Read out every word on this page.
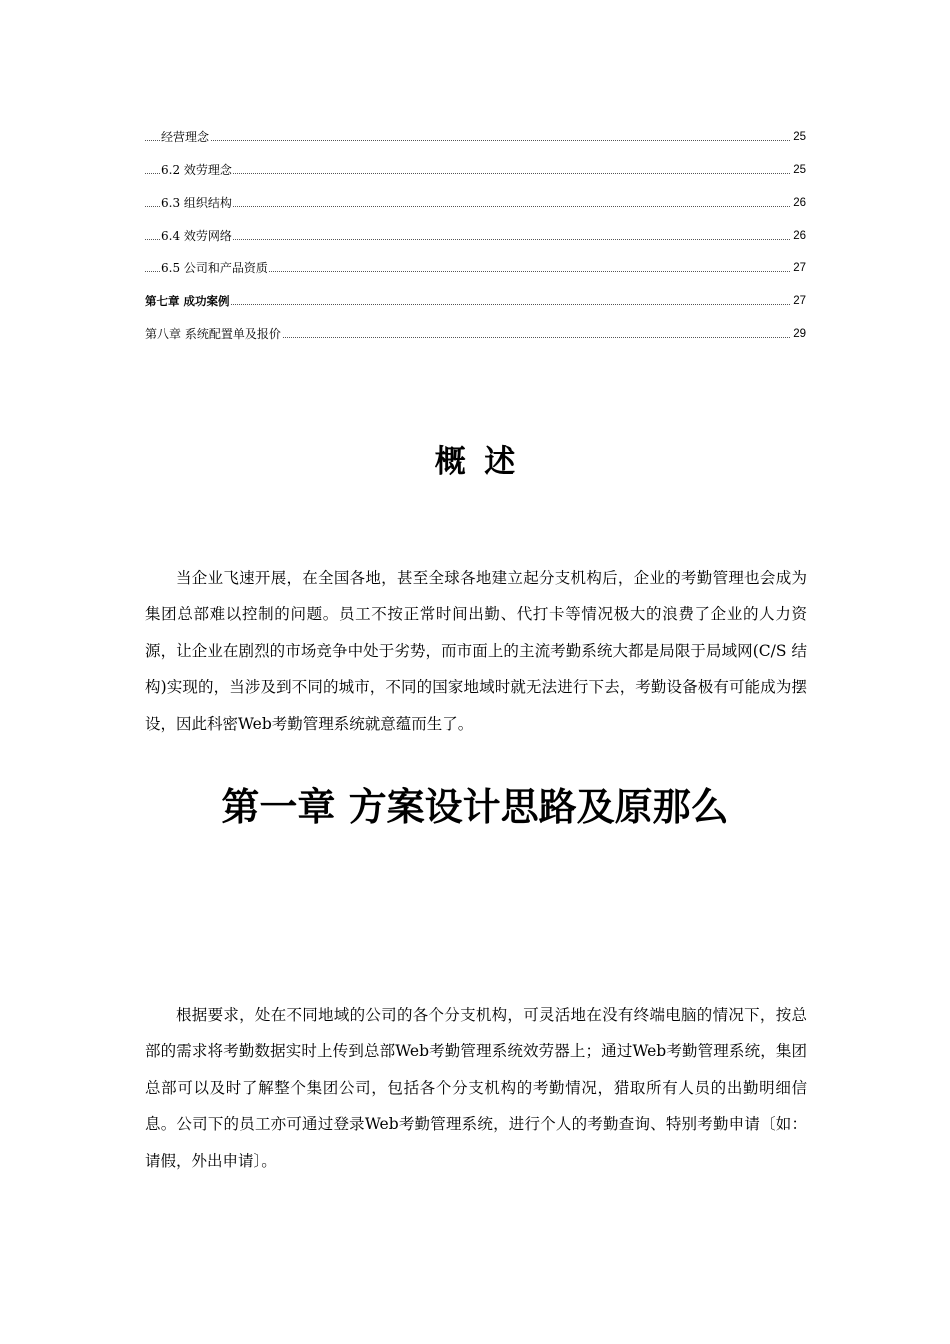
经营理念	25
6.2 效劳理念	25
6.3 组织结构	26
6.4 效劳网络	26
6.5 公司和产品资质	27
第七章 成功案例	27
第八章 系统配置单及报价	29
概述

当企业飞速开展，在全国各地，甚至全球各地建立起分支机构后，企业的考勤管理也会成为集团总部难以控制的问题。员工不按正常时间出勤、代打卡等情况极大的浪费了企业的人力资源，让企业在剧烈的市场竞争中处于劣势，而市面上的主流考勤系统大都是局限于局域网(C/S 结构)实现的，当涉及到不同的城市，不同的国家地域时就无法进行下去，考勤设备极有可能成为摆设，因此科密Web考勤管理系统就意蕴而生了。

第一章 方案设计思路及原那么

根据要求，处在不同地域的公司的各个分支机构，可灵活地在没有终端电脑的情况下，按总部的需求将考勤数据实时上传到总部Web考勤管理系统效劳器上；通过Web考勤管理系统，集团总部可以及时了解整个集团公司，包括各个分支机构的考勤情况，猎取所有人员的出勤明细信息。公司下的员工亦可通过登录Web考勤管理系统，进行个人的考勤查询、特别考勤申请〔如：请假，外出申请〕。
